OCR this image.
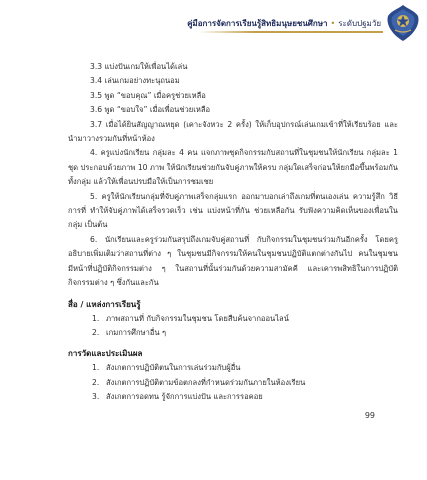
คู่มือการจัดการเรียนรู้สิทธิมนุษยชนศึกษา • ระดับปฐมวัย
3.3 แบ่งปันเกมให้เพื่อนได้เล่น
3.4 เล่นเกมอย่างทะนุถนอม
3.5 พูด “ขอบคุณ” เมื่อครูช่วยเหลือ
3.6 พูด “ขอบใจ” เมื่อเพื่อนช่วยเหลือ
3.7 เมื่อได้ยินสัญญาณหยุด (เคาะจังหวะ 2 ครั้ง) ให้เก็บอุปกรณ์เล่นเกมเข้าที่ให้เรียบร้อย และนำมาวางรวมกันที่หน้าห้อง
4. ครูแบ่งนักเรียน กลุ่มละ 4 คน แจกภาพชุดกิจกรรมกับสถานที่ในชุมชนให้นักเรียน กลุ่มละ 1 ชุด ประกอบด้วยภาพ 10 ภาพ ให้นักเรียนช่วยกันจับคู่ภาพให้ครบ กลุ่มใดเสร็จก่อนให้ยกมือขึ้นพร้อมกันทั้งกลุ่ม แล้วให้เพื่อนปรบมือให้เป็นการชมเชย
5. ครูให้นักเรียนกลุ่มที่จับคู่ภาพเสร็จกลุ่มแรก ออกมาบอกเล่าถึงเกมที่ตนเองเล่น ความรู้สึก วิธีการที่ ทำให้จับคู่ภาพได้เสร็จรวดเร็ว เช่น แบ่งหน้าที่กัน ช่วยเหลือกัน รับฟังความคิดเห็นของเพื่อนในกลุ่ม เป็นต้น
6. นักเรียนและครูร่วมกันสรุปถึงเกมจับคู่สถานที่ กับกิจกรรมในชุมชนร่วมกันอีกครั้ง โดยครูอธิบายเพิ่มเติมว่าสถานที่ต่าง ๆ ในชุมชนมีกิจกรรมให้คนในชุมชนปฏิบัติแตกต่างกันไป คนในชุมชนมีหน้าที่ปฏิบัติกิจกรรมต่าง ๆ ในสถานที่นั้นร่วมกันด้วยความสามัคคี และเคารพสิทธิในการปฏิบัติกิจกรรมต่าง ๆ ซึ่งกันและกัน
สื่อ / แหล่งการเรียนรู้
1. ภาพสถานที่ กับกิจกรรมในชุมชน โดยสืบค้นจากออนไลน์
2. เกมการศึกษาอื่น ๆ
การวัดและประเมินผล
1. สังเกตการปฏิบัติตนในการเล่นร่วมกับผู้อื่น
2. สังเกตการปฏิบัติตามข้อตกลงที่กำหนดร่วมกันภายในห้องเรียน
3. สังเกตการอดทน รู้จักการแบ่งปัน และการรอคอย
99
